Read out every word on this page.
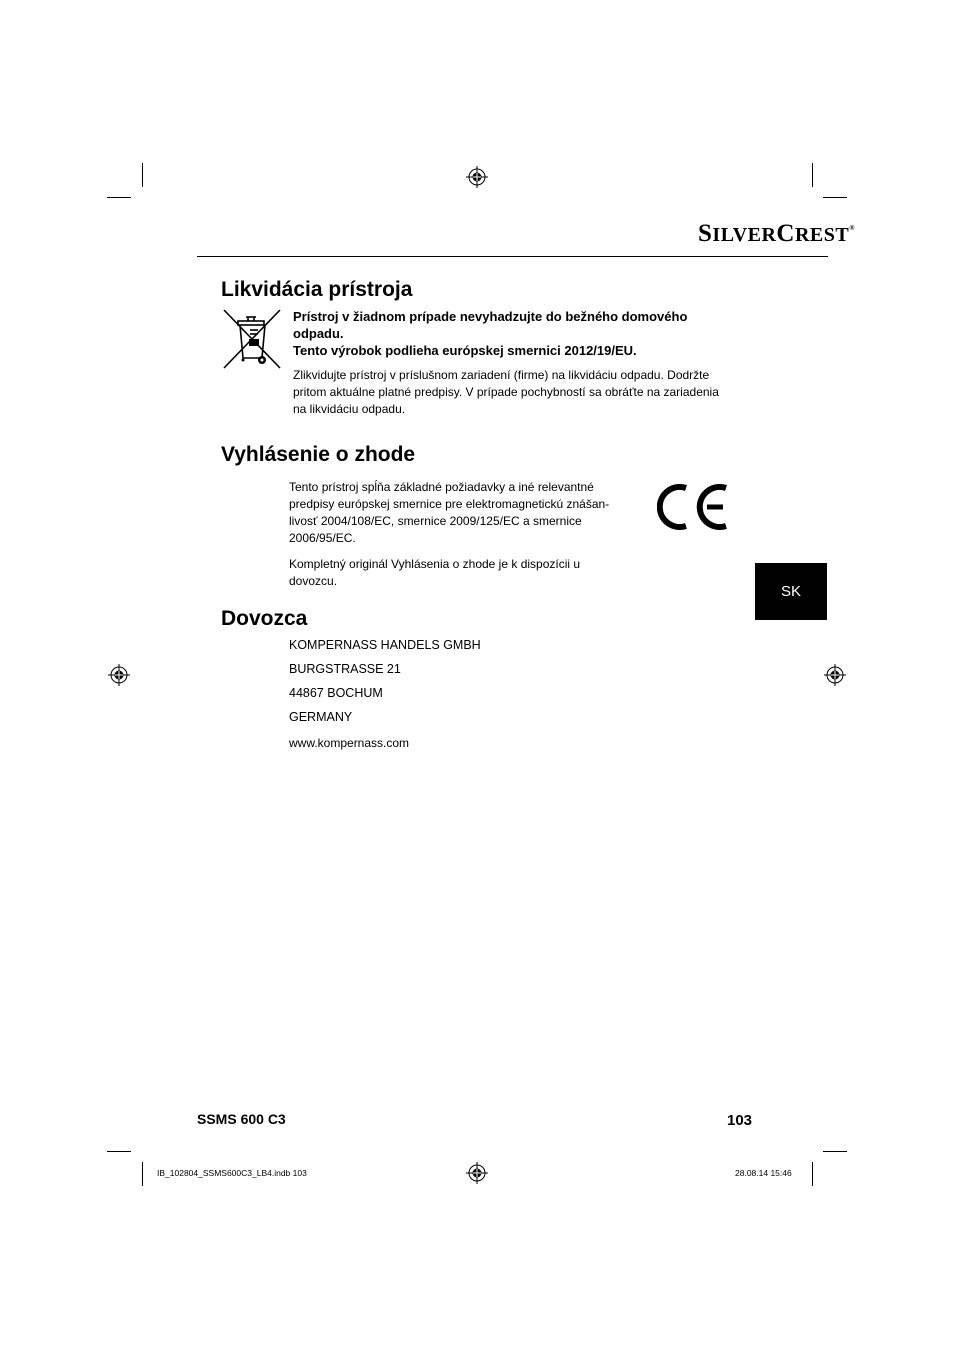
SILVERCREST®
Likvidácia prístroja

Prístroj v žiadnom prípade nevyhadzujte do bežného domového odpadu.

Tento výrobok podlieha európskej smernici 2012/19/EU.

Zlikvidujte prístroj v príslušnom zariadení (firme) na likvidáciu odpadu. Dodržte pritom aktuálne platné predpisy. V prípade pochybností sa obráťte na zariadenia na likvidáciu odpadu.

Vyhlásenie o zhode

Tento prístroj spĺňa základné požiadavky a iné relevantné predpisy európskej smernice pre elektromagnetickú znášan-livosť 2004/108/EC, smernice 2009/125/EC a smernice 2006/95/EC.

Kompletný originál Vyhlásenia o zhode je k dispozícii u dovozcu.

SK
Dovozca

KOMPERNASS HANDELS GMBH

BURGSTRASSE 21

44867 BOCHUM

GERMANY

www.kompernass.com

SSMS 600 C3	103
IB_102804_SSMS600C3_LB4.indb 103	28.08.14 15:46
